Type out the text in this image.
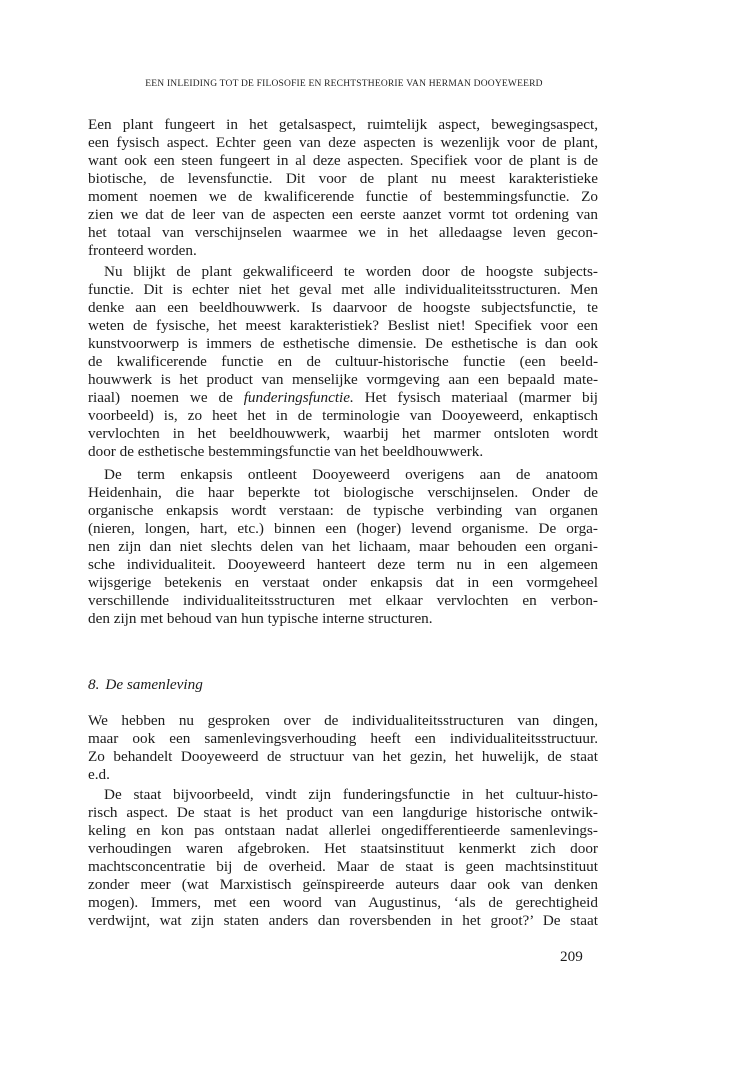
EEN INLEIDING TOT DE FILOSOFIE EN RECHTSTHEORIE VAN HERMAN DOOYEWEERD
Een plant fungeert in het getalsaspect, ruimtelijk aspect, bewegingsaspect,
een fysisch aspect. Echter geen van deze aspecten is wezenlijk voor de plant,
want ook een steen fungeert in al deze aspecten. Specifiek voor de plant is de
biotische, de levensfunctie. Dit voor de plant nu meest karakteristieke
moment noemen we de kwalificerende functie of bestemmingsfunctie. Zo
zien we dat de leer van de aspecten een eerste aanzet vormt tot ordening van
het totaal van verschijnselen waarmee we in het alledaagse leven gecon-
fronteerd worden.
Nu blijkt de plant gekwalificeerd te worden door de hoogste subjects-
functie. Dit is echter niet het geval met alle individualiteitsstructuren. Men
denke aan een beeldhouwwerk. Is daarvoor de hoogste subjectsfunctie, te
weten de fysische, het meest karakteristiek? Beslist niet! Specifiek voor een
kunstvoorwerp is immers de esthetische dimensie. De esthetische is dan ook
de kwalificerende functie en de cultuur-historische functie (een beeld-
houwwerk is het product van menselijke vormgeving aan een bepaald mate-
riaal) noemen we de funderingsfunctie. Het fysisch materiaal (marmer bij
voorbeeld) is, zo heet het in de terminologie van Dooyeweerd, enkaptisch
vervlochten in het beeldhouwwerk, waarbij het marmer ontsloten wordt
door de esthetische bestemmingsfunctie van het beeldhouwwerk.
De term enkapsis ontleent Dooyeweerd overigens aan de anatoom
Heidenhain, die haar beperkte tot biologische verschijnselen. Onder de
organische enkapsis wordt verstaan: de typische verbinding van organen
(nieren, longen, hart, etc.) binnen een (hoger) levend organisme. De orga-
nen zijn dan niet slechts delen van het lichaam, maar behouden een organi-
sche individualiteit. Dooyeweerd hanteert deze term nu in een algemeen
wijsgerige betekenis en verstaat onder enkapsis dat in een vormgeheel
verschillende individualiteitsstructuren met elkaar vervlochten en verbon-
den zijn met behoud van hun typische interne structuren.
8. De samenleving
We hebben nu gesproken over de individualiteitsstructuren van dingen,
maar ook een samenlevingsverhouding heeft een individualiteitsstructuur.
Zo behandelt Dooyeweerd de structuur van het gezin, het huwelijk, de staat
e.d.
De staat bijvoorbeeld, vindt zijn funderingsfunctie in het cultuur-histo-
risch aspect. De staat is het product van een langdurige historische ontwik-
keling en kon pas ontstaan nadat allerlei ongedifferentieerde samenlevings-
verhoudingen waren afgebroken. Het staatsinstituut kenmerkt zich door
machtsconcentratie bij de overheid. Maar de staat is geen machtsinstituut
zonder meer (wat Marxistisch geïnspireerde auteurs daar ook van denken
mogen). Immers, met een woord van Augustinus, ‘als de gerechtigheid
verdwijnt, wat zijn staten anders dan roversbenden in het groot?’ De staat
209
